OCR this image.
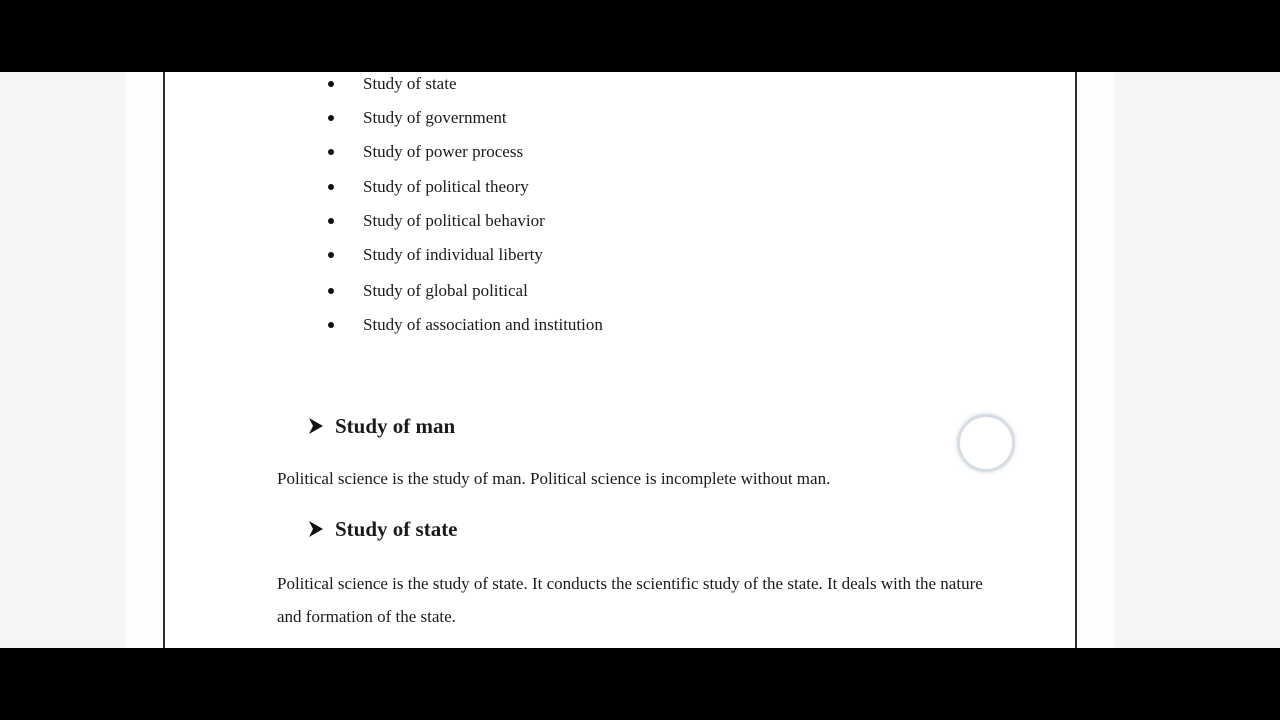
Study of state
Study of government
Study of power process
Study of political theory
Study of political behavior
Study of individual liberty
Study of global political
Study of association and institution
Study of man
Political science is the study of man. Political science is incomplete without man.
Study of state
Political science is the study of state. It conducts the scientific study of the state. It deals with the nature and formation of the state.
